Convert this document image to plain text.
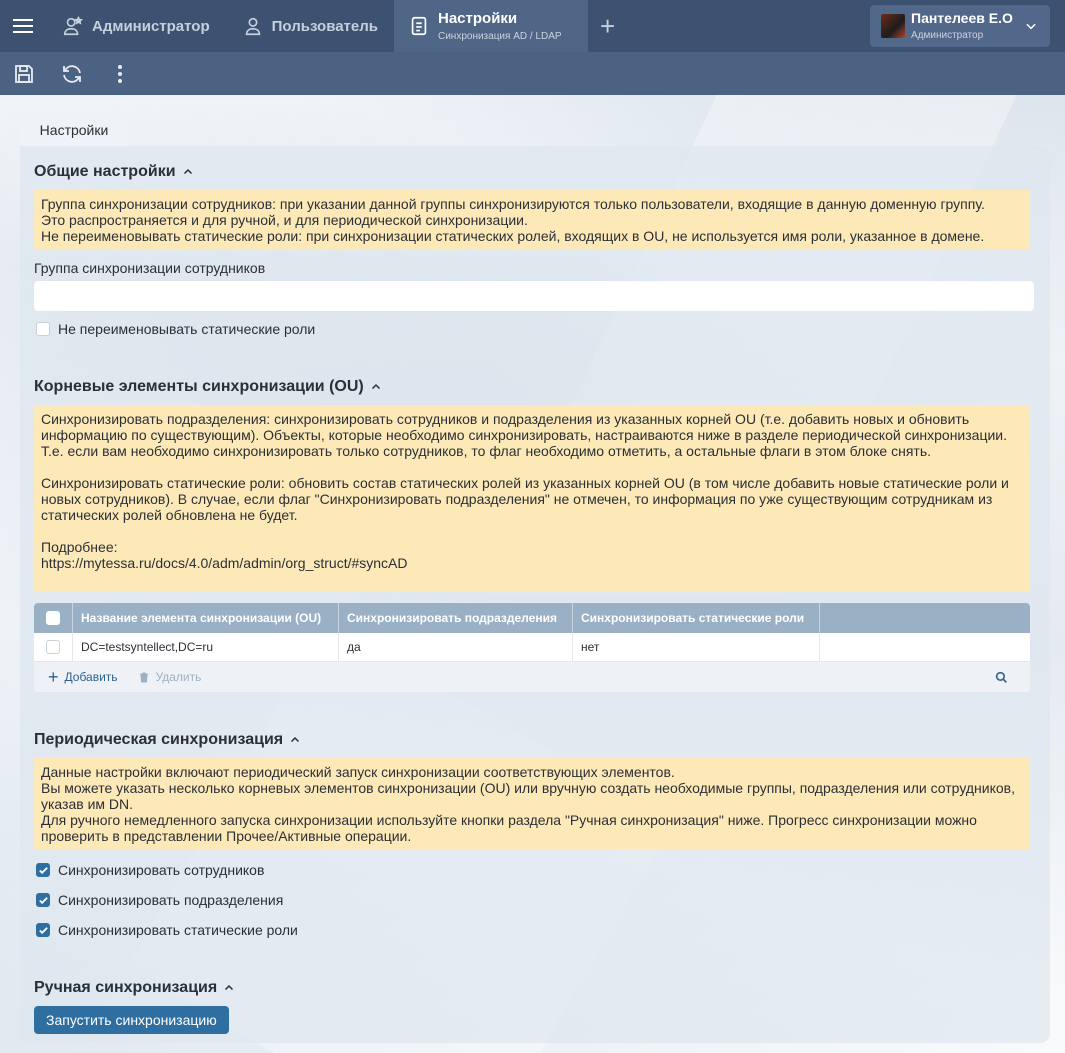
Администратор	Пользователь	Настройки
Синхронизация AD / LDAP +	Пантелеев Е.О
Администратор
Настройки
Общие настройки
Группа синхронизации сотрудников: при указании данной группы синхронизируются только пользователи, входящие в данную доменную группу.
Это распространяется и для ручной, и для периодической синхронизации.
Не переименовывать статические роли: при синхронизации статических ролей, входящих в OU, не используется имя роли, указанное в домене.
Группа синхронизации сотрудников
Не переименовывать статические роли
Корневые элементы синхронизации (OU)
Синхронизировать подразделения: синхронизировать сотрудников и подразделения из указанных корней OU (т.е. добавить новых и обновить информацию по существующим). Объекты, которые необходимо синхронизировать, настраиваются ниже в разделе периодической синхронизации. Т.е. если вам необходимо синхронизировать только сотрудников, то флаг необходимо отметить, а остальные флаги в этом блоке снять.

Синхронизировать статические роли: обновить состав статических ролей из указанных корней OU (в том числе добавить новые статические роли и новых сотрудников). В случае, если флаг "Синхронизировать подразделения" не отмечен, то информация по уже существующим сотрудникам из статических ролей обновлена не будет.

Подробнее:
https://mytessa.ru/docs/4.0/adm/admin/org_struct/#syncAD
Название элемента синхронизации (OU)	Синхронизировать подразделения	Синхронизировать статические роли
DC=testsyntellect,DC=ru	да	нет
+ Добавить	Удалить
Периодическая синхронизация
Данные настройки включают периодический запуск синхронизации соответствующих элементов.
Вы можете указать несколько корневых элементов синхронизации (OU) или вручную создать необходимые группы, подразделения или сотрудников, указав им DN.
Для ручного немедленного запуска синхронизации используйте кнопки раздела "Ручная синхронизация" ниже. Прогресс синхронизации можно проверить в представлении Прочее/Активные операции.
Синхронизировать сотрудников
Синхронизировать подразделения
Синхронизировать статические роли
Ручная синхронизация
Запустить синхронизацию
